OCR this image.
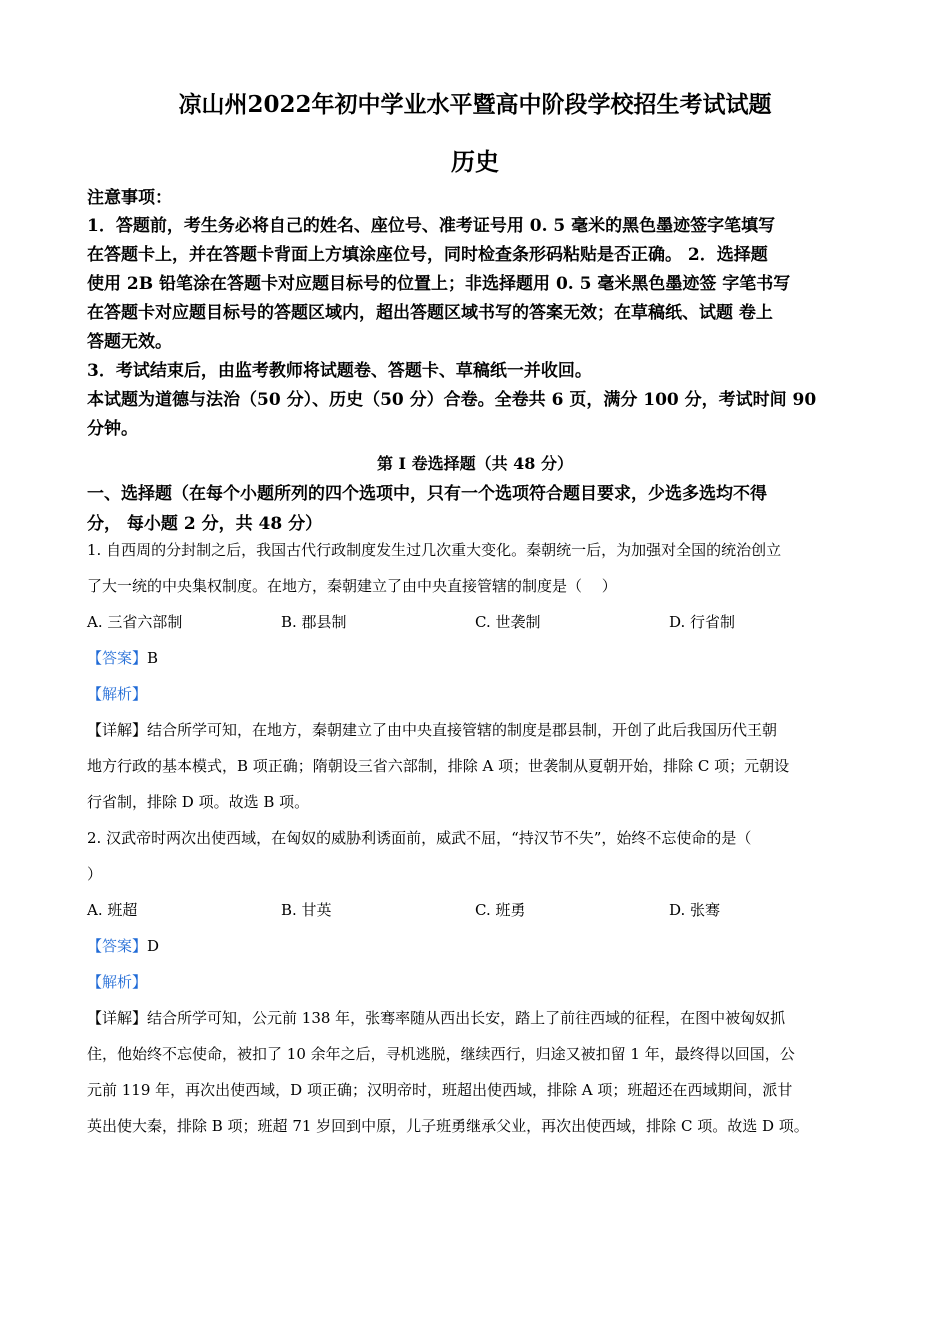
凉山州2022年初中学业水平暨高中阶段学校招生考试试题
历史
注意事项：

1．答题前，考生务必将自己的姓名、座位号、准考证号用 0. 5 毫米的黑色墨迹签字笔填写

在答题卡上，并在答题卡背面上方填涂座位号，同时检查条形码粘贴是否正确。 2．选择题

使用 2B 铅笔涂在答题卡对应题目标号的位置上；非选择题用 0. 5 毫米黑色墨迹签 字笔书写

在答题卡对应题目标号的答题区域内，超出答题区域书写的答案无效；在草稿纸、试题 卷上

答题无效。

3．考试结束后，由监考教师将试题卷、答题卡、草稿纸一并收回。

本试题为道德与法治（50 分）、历史（50 分）合卷。全卷共 6 页，满分 100 分，考试时间 90

分钟。

第 I 卷选择题（共 48 分）

一、选择题（在每个小题所列的四个选项中，只有一个选项符合题目要求，少选多选均不得

分， 每小题 2 分，共 48 分）

1. 自西周的分封制之后，我国古代行政制度发生过几次重大变化。秦朝统一后，为加强对全国的统治创立

了大一统的中央集权制度。在地方，秦朝建立了由中央直接管辖的制度是（　 ）

A. 三省六部制	B. 郡县制	C. 世袭制	D. 行省制

【答案】B

【解析】

【详解】结合所学可知，在地方，秦朝建立了由中央直接管辖的制度是郡县制，开创了此后我国历代王朝

地方行政的基本模式，B 项正确；隋朝设三省六部制，排除 A 项；世袭制从夏朝开始，排除 C 项；元朝设

行省制，排除 D 项。故选 B 项。

2. 汉武帝时两次出使西域，在匈奴的威胁利诱面前，威武不屈，“持汉节不失”，始终不忘使命的是（

）

A. 班超	B. 甘英	C. 班勇	D. 张骞

【答案】D

【解析】

【详解】结合所学可知，公元前 138 年，张骞率随从西出长安，踏上了前往西域的征程，在图中被匈奴抓

住，他始终不忘使命，被扣了 10 余年之后，寻机逃脱，继续西行，归途又被扣留 1 年，最终得以回国，公

元前 119 年，再次出使西域，D 项正确；汉明帝时，班超出使西域，排除 A 项；班超还在西域期间，派甘

英出使大秦，排除 B 项；班超 71 岁回到中原，儿子班勇继承父业，再次出使西域，排除 C 项。故选 D 项。
